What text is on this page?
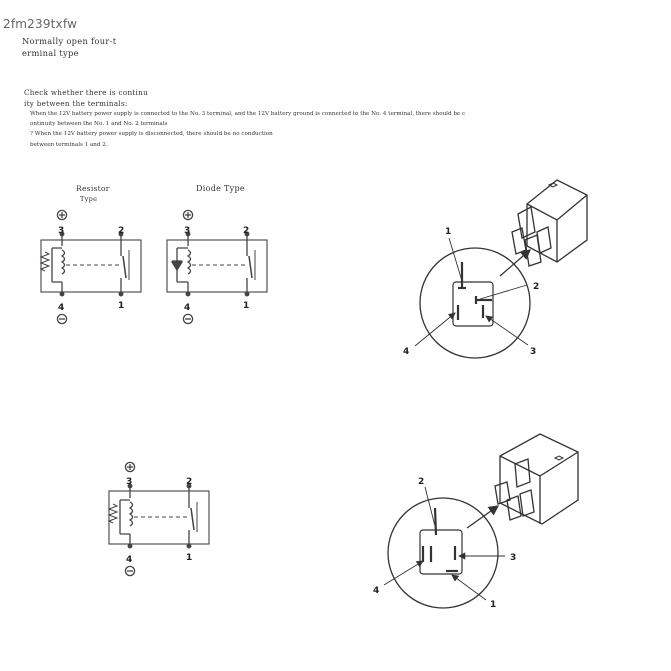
2fm239txfw
Normally open four-t
erminal type
Check whether there is continu
ity between the terminals:
When the 12V battery power supply is connected to the No. 3 terminal, and the 12V battery ground is connected to the No. 4 terminal, there should be c
ontinuity between the No. 1 and No. 2 terminals
? When the 12V battery power supply is disconnected, there should be no conduction
between terminals 1 and 2.
Resistor
Type
Diode Type
3	2
4	1
3	2
4	1
1
2
4	3
3	2
4	1
2
3
4
1
